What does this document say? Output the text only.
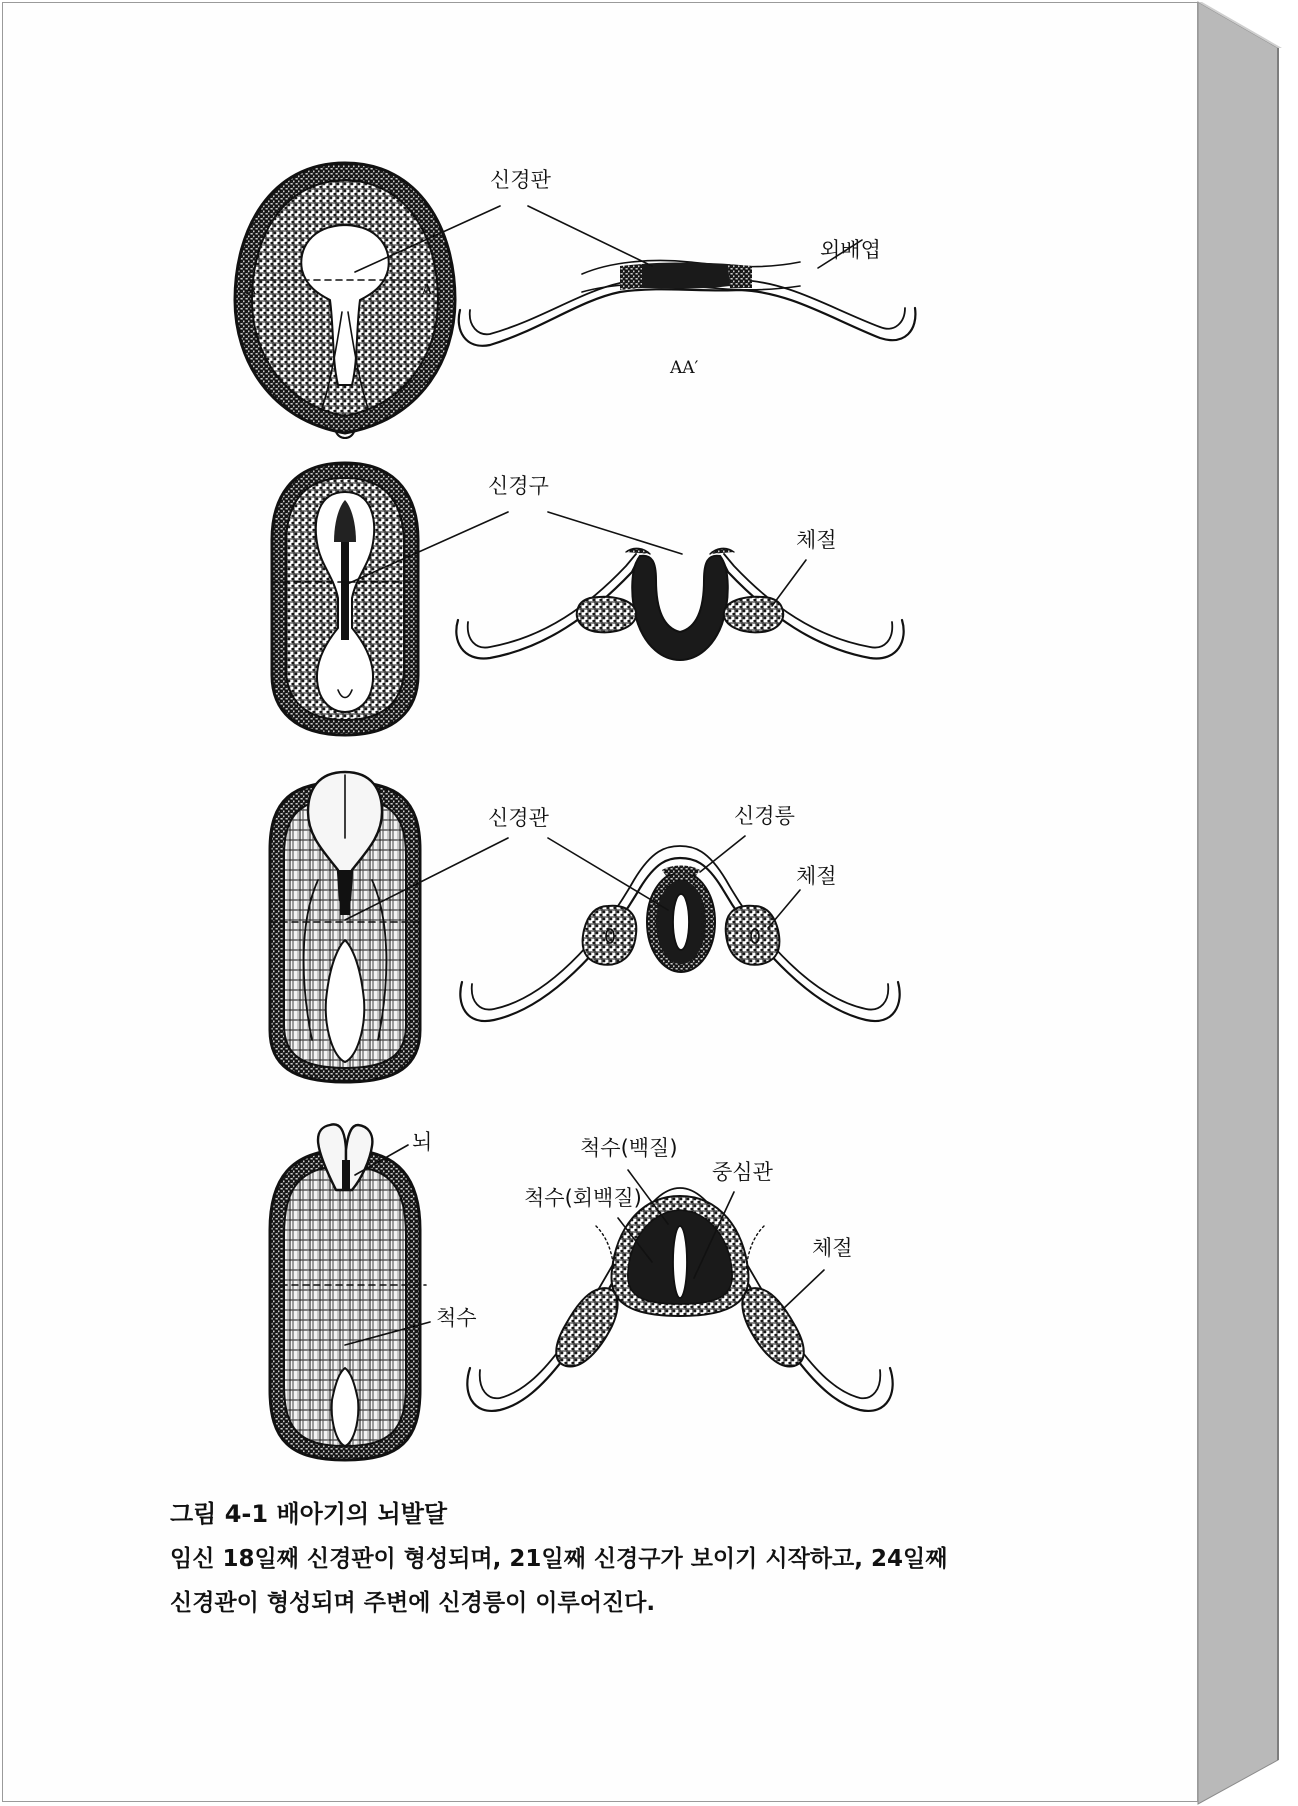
신경판
외배엽
A	A′
AA′
신경구
체절
신경관	신경릉
체절
뇌
척수
척수(백질)
중심관
척수(회백질)
체절
그림 4-1 배아기의 뇌발달
임신 18일째 신경판이 형성되며, 21일째 신경구가 보이기 시작하고, 24일째
신경관이 형성되며 주변에 신경릉이 이루어진다.
